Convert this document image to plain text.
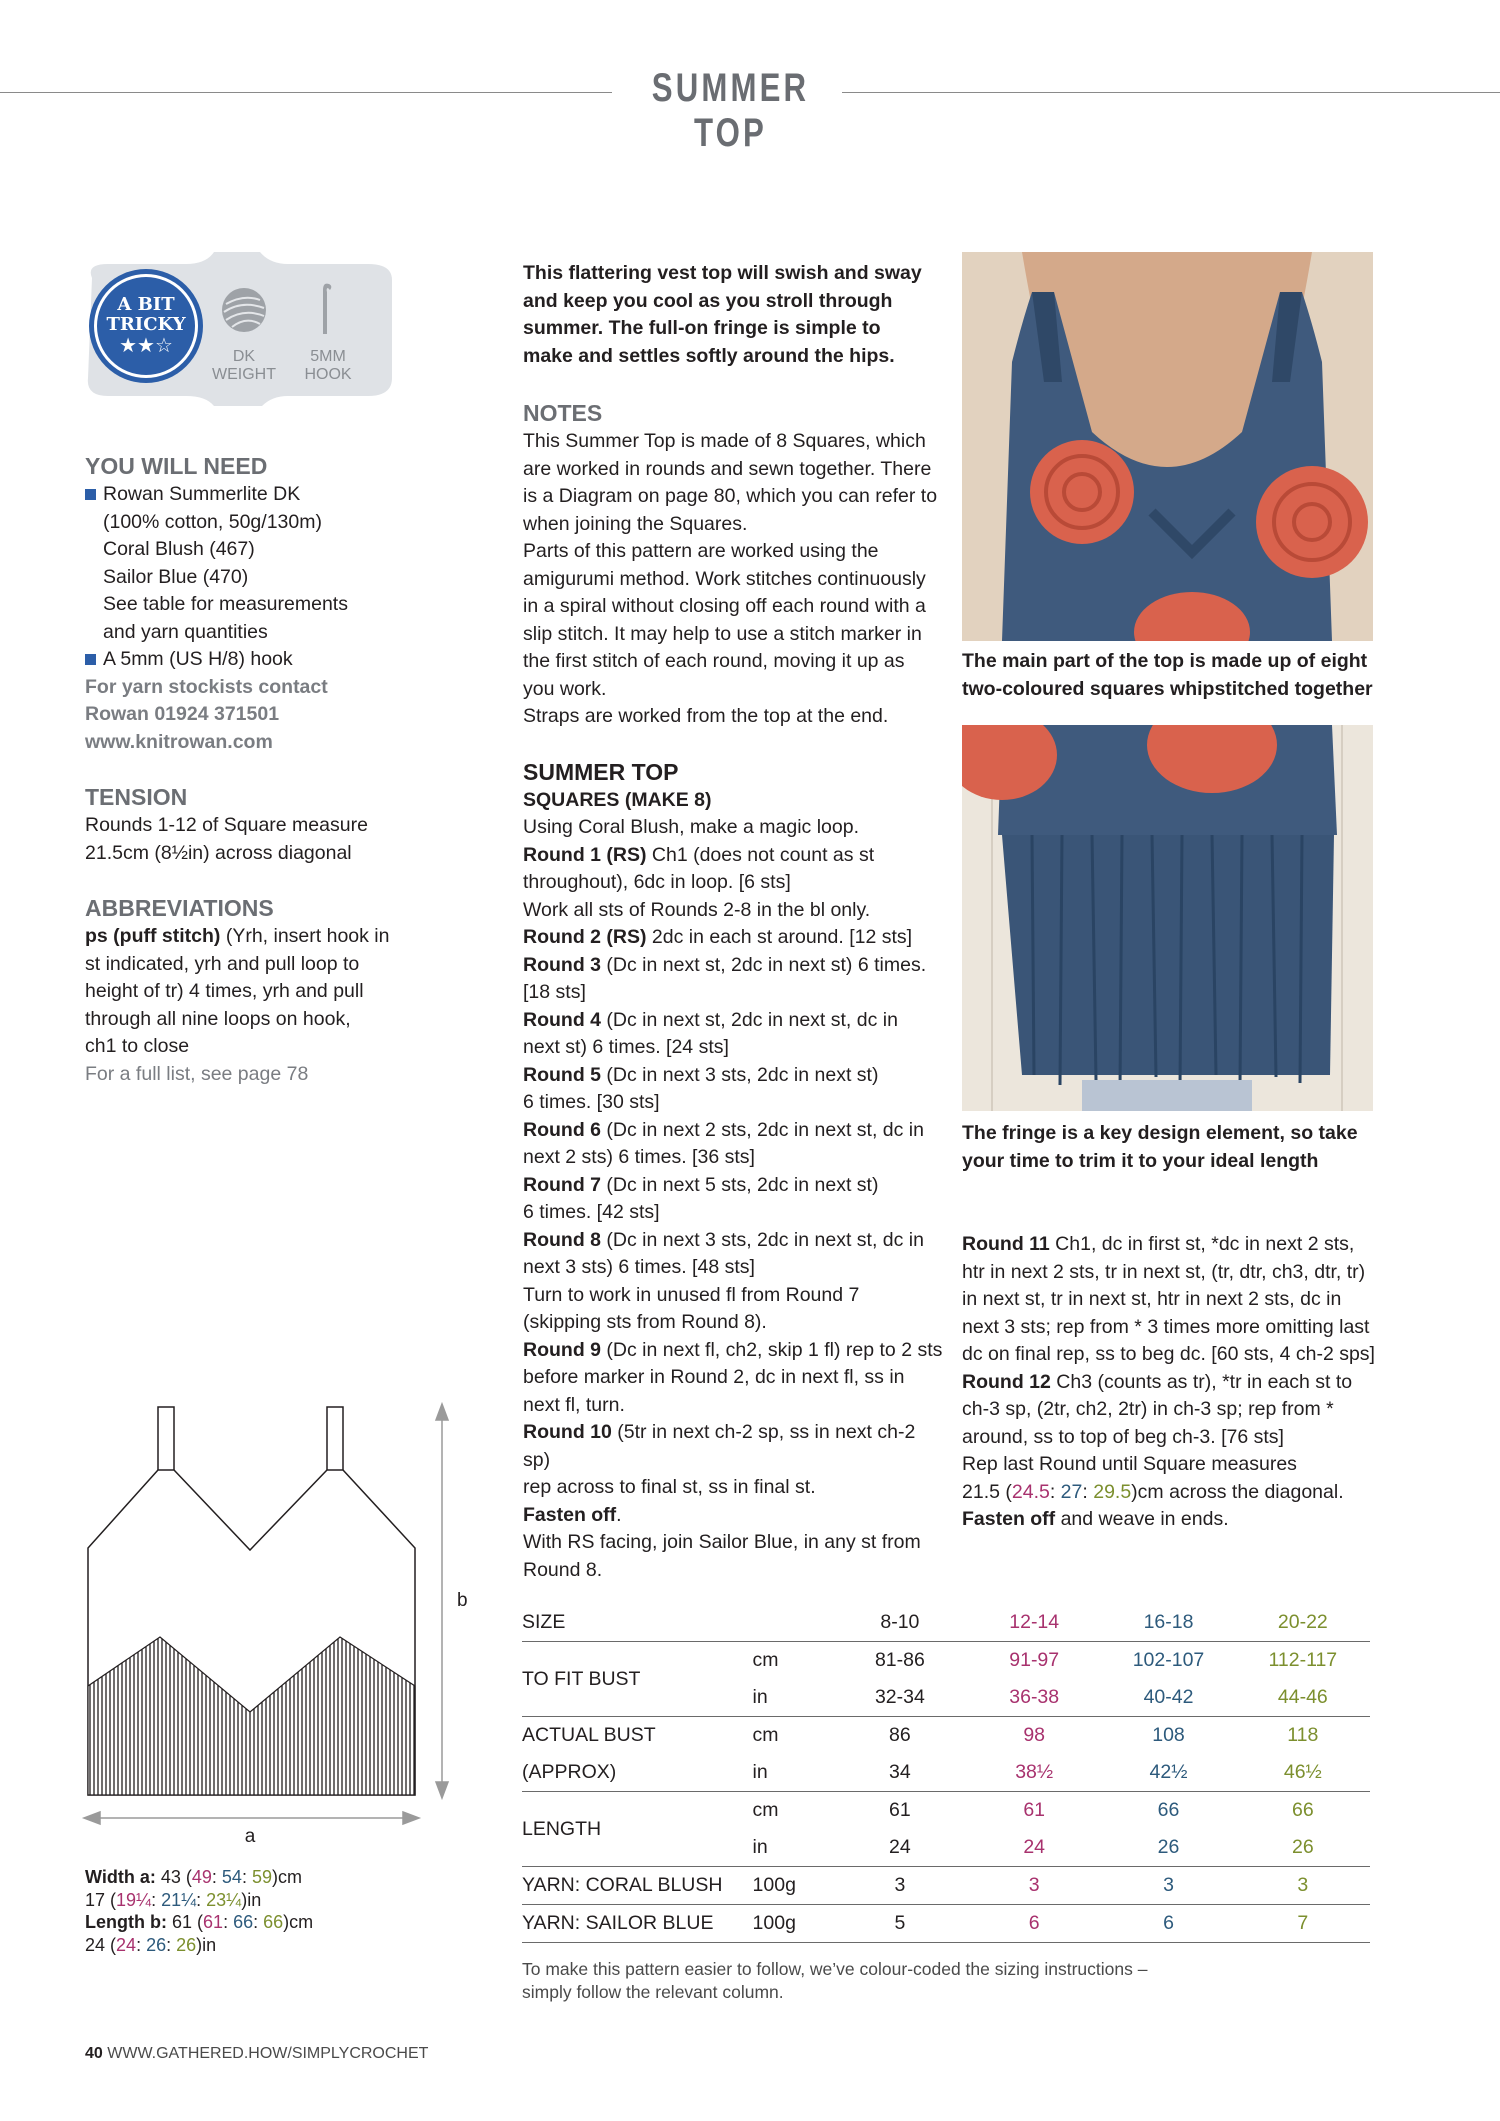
SUMMER TOP
A BIT
TRICKY
★★☆	DK
WEIGHT
5MM
HOOK

YOU WILL NEED

Rowan Summerlite DK

(100% cotton, 50g/130m)

Coral Blush (467)

Sailor Blue (470)

See table for measurements

and yarn quantities

A 5mm (US H/8) hook

For yarn stockists contact

Rowan 01924 371501

www.knitrowan.com

TENSION

Rounds 1-12 of Square measure

21.5cm (8½in) across diagonal

ABBREVIATIONS

ps (puff stitch) (Yrh, insert hook in

st indicated, yrh and pull loop to

height of tr) 4 times, yrh and pull

through all nine loops on hook,

ch1 to close

For a full list, see page 78

This flattering vest top will swish and sway

and keep you cool as you stroll through

summer. The full-on fringe is simple to

make and settles softly around the hips.

NOTES

This Summer Top is made of 8 Squares, which

are worked in rounds and sewn together. There

is a Diagram on page 80, which you can refer to

when joining the Squares.

Parts of this pattern are worked using the

amigurumi method. Work stitches continuously

in a spiral without closing off each round with a

slip stitch. It may help to use a stitch marker in

the first stitch of each round, moving it up as

you work.

Straps are worked from the top at the end.

SUMMER TOP

SQUARES (MAKE 8)

Using Coral Blush, make a magic loop.

Round 1 (RS) Ch1 (does not count as st

throughout), 6dc in loop. [6 sts]

Work all sts of Rounds 2-8 in the bl only.

Round 2 (RS) 2dc in each st around. [12 sts]

Round 3 (Dc in next st, 2dc in next st) 6 times.

[18 sts]

Round 4 (Dc in next st, 2dc in next st, dc in

next st) 6 times. [24 sts]

Round 5 (Dc in next 3 sts, 2dc in next st)

6 times. [30 sts]

Round 6 (Dc in next 2 sts, 2dc in next st, dc in

next 2 sts) 6 times. [36 sts]

Round 7 (Dc in next 5 sts, 2dc in next st)

6 times. [42 sts]

Round 8 (Dc in next 3 sts, 2dc in next st, dc in

next 3 sts) 6 times. [48 sts]

Turn to work in unused fl from Round 7

(skipping sts from Round 8).

Round 9 (Dc in next fl, ch2, skip 1 fl) rep to 2 sts

before marker in Round 2, dc in next fl, ss in

next fl, turn.

Round 10 (5tr in next ch-2 sp, ss in next ch-2 sp)

rep across to final st, ss in final st.

Fasten off.

With RS facing, join Sailor Blue, in any st from

Round 8.

The main part of the top is made up of eight
two-coloured squares whipstitched together
The fringe is a key design element, so take
your time to trim it to your ideal length

Round 11 Ch1, dc in first st, *dc in next 2 sts,

htr in next 2 sts, tr in next st, (tr, dtr, ch3, dtr, tr)

in next st, tr in next st, htr in next 2 sts, dc in

next 3 sts; rep from * 3 times more omitting last

dc on final rep, ss to beg dc. [60 sts, 4 ch-2 sps]

Round 12 Ch3 (counts as tr), *tr in each st to

ch-3 sp, (2tr, ch2, 2tr) in ch-3 sp; rep from *

around, ss to top of beg ch-3. [76 sts]

Rep last Round until Square measures

21.5 (24.5: 27: 29.5)cm across the diagonal.

Fasten off and weave in ends.

a
b

Width a: 43 (49: 54: 59)cm

17 (19¼: 21¼: 23¼)in

Length b: 61 (61: 66: 66)cm

24 (24: 26: 26)in

SIZE		8-10	12-14	16-18	20-22
TO FIT BUST	cm	81-86	91-97	102-107	112-117
	in	32-34	36-38	40-42	44-46
ACTUAL BUST	cm	86	98	108	118
(APPROX)	in	34	38½	42½	46½
LENGTH	cm	61	61	66	66
	in	24	24	26	26
YARN: CORAL BLUSH	100g	3	3	3	3
YARN: SAILOR BLUE	100g	5	6	6	7

To make this pattern easier to follow, we’ve colour-coded the sizing instructions –

simply follow the relevant column.

40 WWW.GATHERED.HOW/SIMPLYCROCHET
